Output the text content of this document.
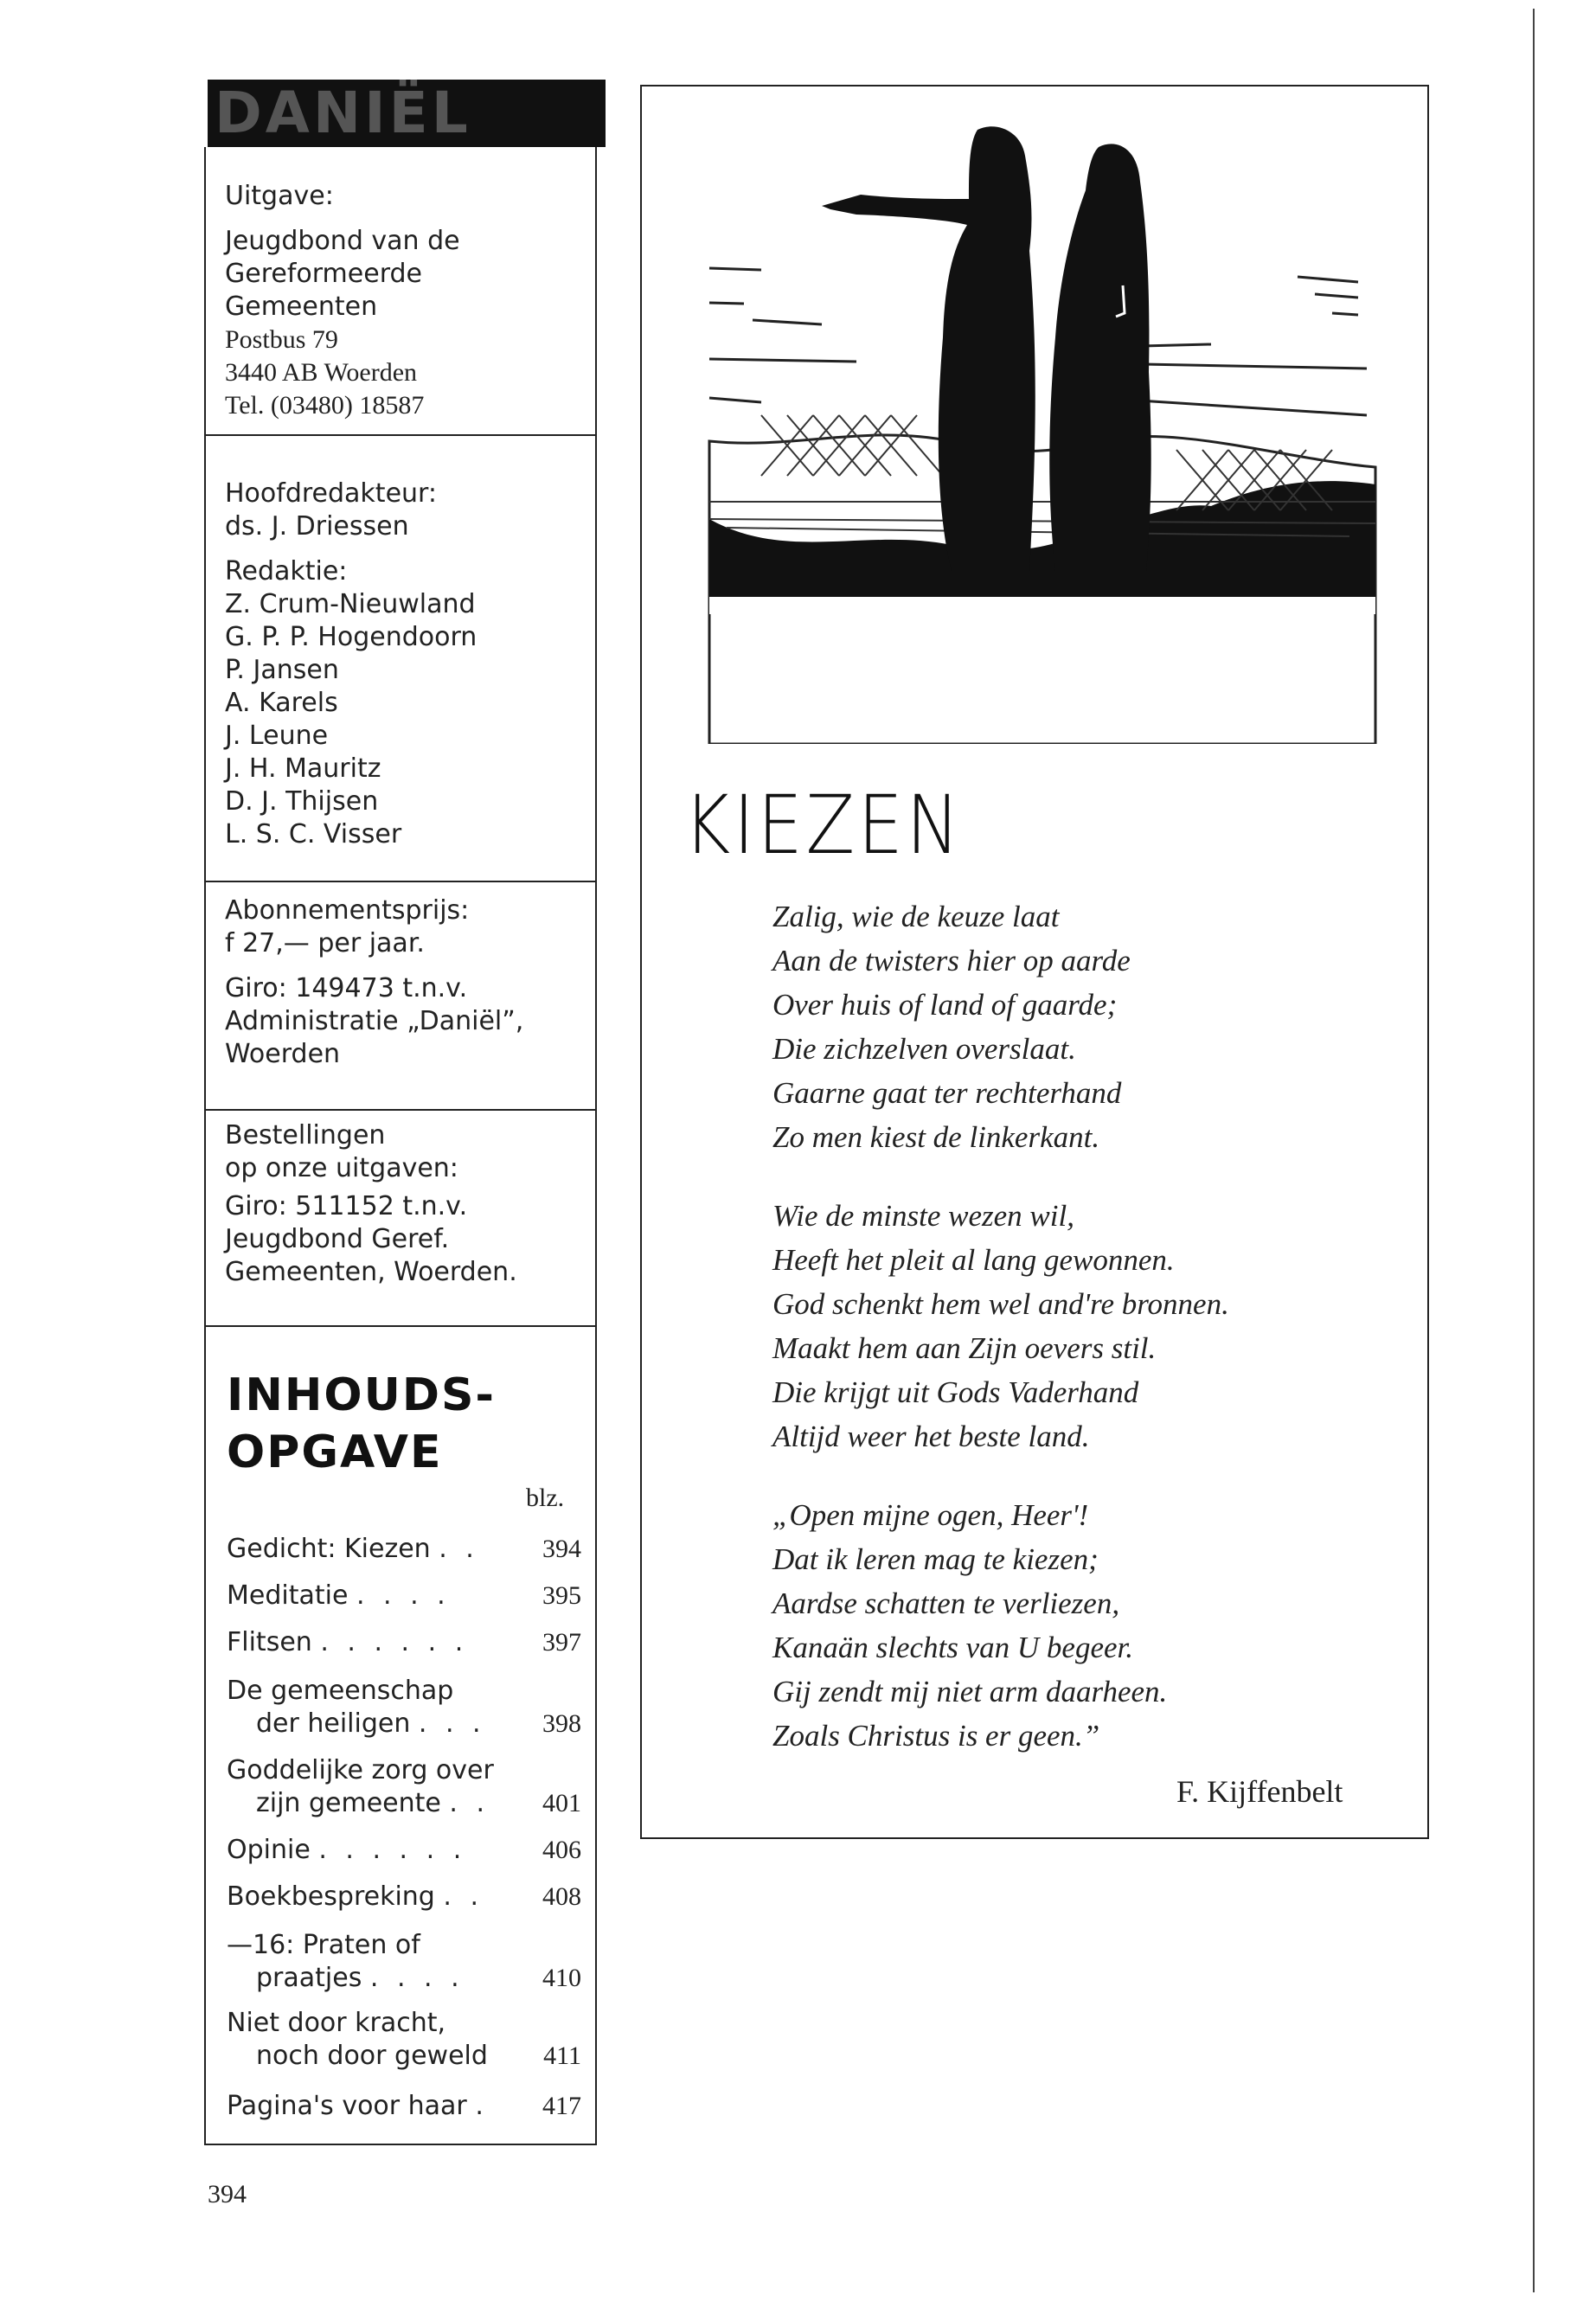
DANIËL
Uitgave:
Jeugdbond van de
Gereformeerde
Gemeenten
Postbus 79
3440 AB Woerden
Tel. (03480) 18587
Hoofdredakteur:
ds. J. Driessen
Redaktie:
Z. Crum-Nieuwland
G. P. P. Hogendoorn
P. Jansen
A. Karels
J. Leune
J. H. Mauritz
D. J. Thijsen
L. S. C. Visser
Abonnementsprijs:
f 27,— per jaar.
Giro: 149473 t.n.v.
Administratie „Daniël”,
Woerden
Bestellingen
op onze uitgaven:
Giro: 511152 t.n.v.
Jeugdbond Geref.
Gemeenten, Woerden.
INHOUDS-
OPGAVE
blz.
Gedicht: Kiezen . .	394
Meditatie . . . .	395
Flitsen . . . . . .	397
De gemeenschap
der heiligen . . .	398
Goddelijke zorg over
zijn gemeente . .	401
Opinie . . . . . .	406
Boekbespreking . .	408
—16: Praten of
praatjes . . . .	410
Niet door kracht,
noch door geweld	411
Pagina's voor haar .	417
KIEZEN
Zalig, wie de keuze laat
Aan de twisters hier op aarde
Over huis of land of gaarde;
Die zichzelven overslaat.
Gaarne gaat ter rechterhand
Zo men kiest de linkerkant.
Wie de minste wezen wil,
Heeft het pleit al lang gewonnen.
God schenkt hem wel and're bronnen.
Maakt hem aan Zijn oevers stil.
Die krijgt uit Gods Vaderhand
Altijd weer het beste land.
„Open mijne ogen, Heer'!
Dat ik leren mag te kiezen;
Aardse schatten te verliezen,
Kanaän slechts van U begeer.
Gij zendt mij niet arm daarheen.
Zoals Christus is er geen.”
F. Kijffenbelt
394
